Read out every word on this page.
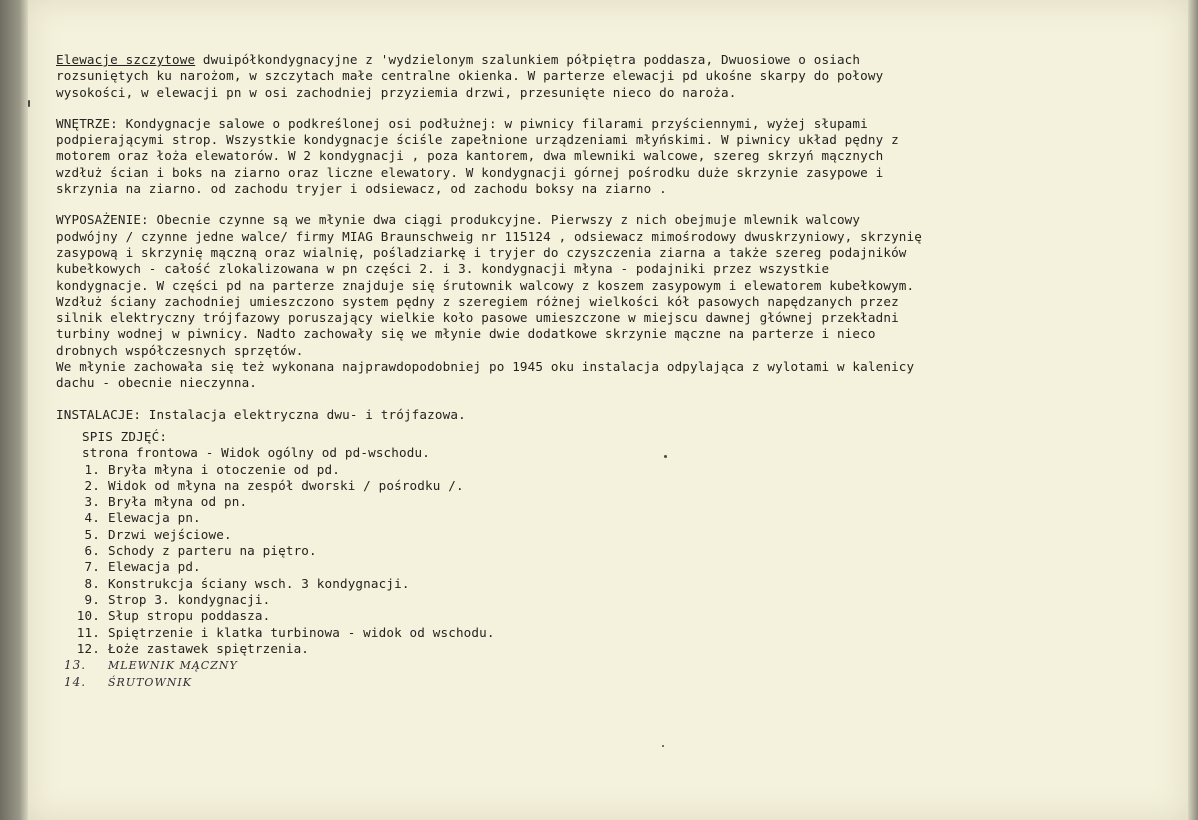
Elewacje szczytowe dwuipółkondygnacyjne z 'wydzielonym szalunkiem półpiętra poddasza, Dwuosiowe o osiach
rozsuniętych ku narożom, w szczytach małe centralne okienka. W parterze elewacji pd ukośne skarpy do połowy
wysokości, w elewacji pn w osi zachodniej przyziemia drzwi, przesunięte nieco do naroża.
WNĘTRZE: Kondygnacje salowe o podkreślonej osi podłużnej: w piwnicy filarami przyściennymi, wyżej słupami
podpierającymi strop. Wszystkie kondygnacje ściśle zapełnione urządzeniami młyńskimi. W piwnicy układ pędny z
motorem oraz łoża elewatorów. W 2 kondygnacji , poza kantorem, dwa mlewniki walcowe, szereg skrzyń mącznych
wzdłuż ścian i boks na ziarno oraz liczne elewatory. W kondygnacji górnej pośrodku duże skrzynie zasypowe i
skrzynia na ziarno. od zachodu tryjer i odsiewacz, od zachodu boksy na ziarno .
WYPOSAŻENIE: Obecnie czynne są we młynie dwa ciągi produkcyjne. Pierwszy z nich obejmuje mlewnik walcowy
podwójny / czynne jedne walce/ firmy MIAG Braunschweig nr 115124 , odsiewacz mimośrodowy dwuskrzyniowy, skrzynię
zasypową i skrzynię mączną oraz wialnię, pośladziarkę i tryjer do czyszczenia ziarna a także szereg podajników
kubełkowych - całość zlokalizowana w pn części 2. i 3. kondygnacji młyna - podajniki przez wszystkie
kondygnacje. W części pd na parterze znajduje się śrutownik walcowy z koszem zasypowym i elewatorem kubełkowym.
Wzdłuż ściany zachodniej umieszczono system pędny z szeregiem różnej wielkości kół pasowych napędzanych przez
silnik elektryczny trójfazowy poruszający wielkie koło pasowe umieszczone w miejscu dawnej głównej przekładni
turbiny wodnej w piwnicy. Nadto zachowały się we młynie dwie dodatkowe skrzynie mączne na parterze i nieco
drobnych współczesnych sprzętów.
We młynie zachowała się też wykonana najprawdopodobniej po 1945 oku instalacja odpylająca z wylotami w kalenicy
dachu - obecnie nieczynna.
INSTALACJE: Instalacja elektryczna dwu- i trójfazowa.
SPIS ZDJĘĆ:
strona frontowa - Widok ogólny od pd-wschodu.
1. Bryła młyna i otoczenie od pd.
2. Widok od młyna na zespół dworski / pośrodku /.
3. Bryła młyna od pn.
4. Elewacja pn.
5. Drzwi wejściowe.
6. Schody z parteru na piętro.
7. Elewacja pd.
8. Konstrukcja ściany wsch. 3 kondygnacji.
9. Strop 3. kondygnacji.
10. Słup stropu poddasza.
11. Spiętrzenie i klatka turbinowa - widok od wschodu.
12. Łoże zastawek spiętrzenia.
13. MLEWNIK MĄCZNY
14. ŚRUTOWNIK
